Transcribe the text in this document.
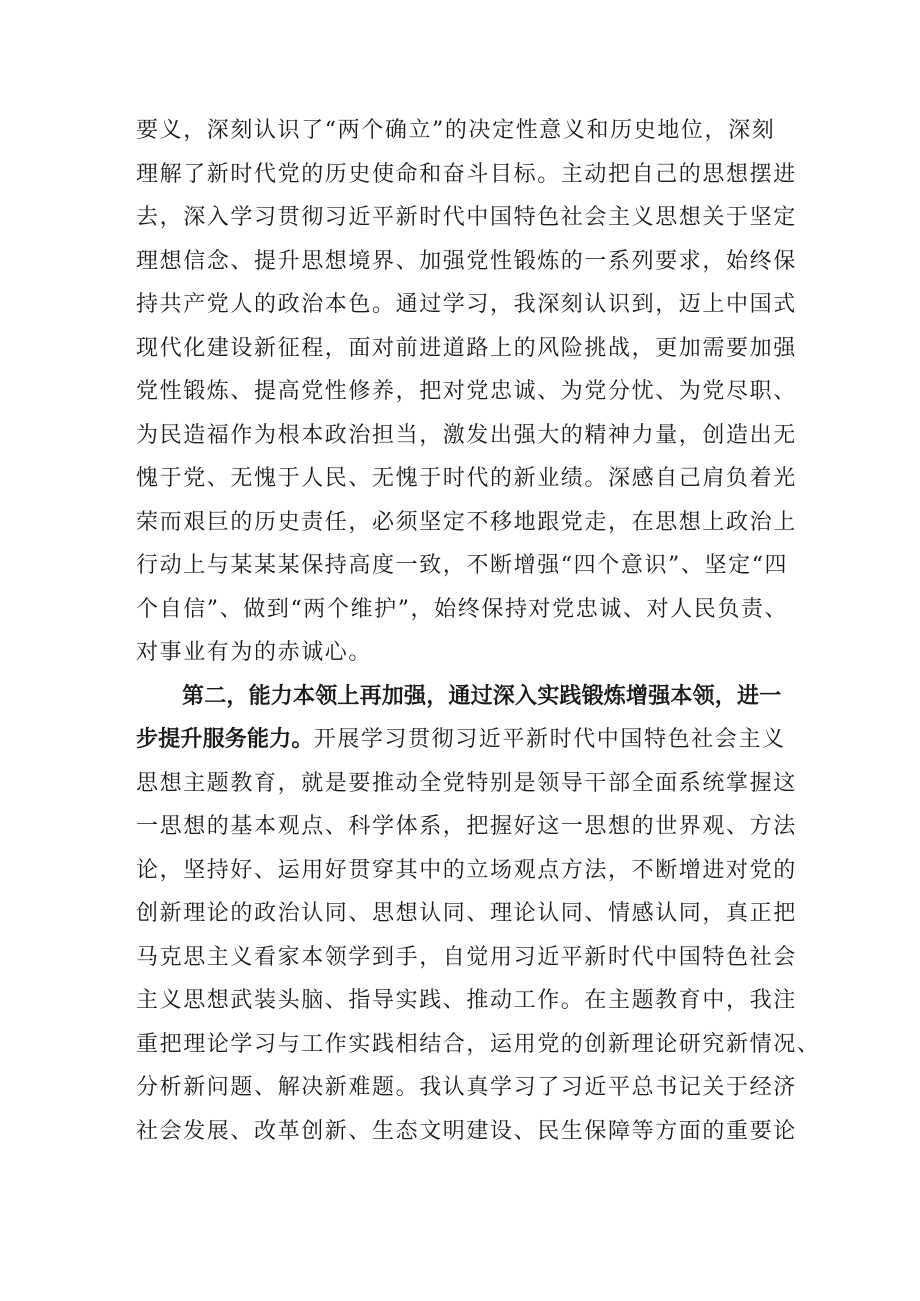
要义，深刻认识了“两个确立”的决定性意义和历史地位，深刻
理解了新时代党的历史使命和奋斗目标。主动把自己的思想摆进
去，深入学习贯彻习近平新时代中国特色社会主义思想关于坚定
理想信念、提升思想境界、加强党性锻炼的一系列要求，始终保
持共产党人的政治本色。通过学习，我深刻认识到，迈上中国式
现代化建设新征程，面对前进道路上的风险挑战，更加需要加强
党性锻炼、提高党性修养，把对党忠诚、为党分忧、为党尽职、
为民造福作为根本政治担当，激发出强大的精神力量，创造出无
愧于党、无愧于人民、无愧于时代的新业绩。深感自己肩负着光
荣而艰巨的历史责任，必须坚定不移地跟党走，在思想上政治上
行动上与某某某保持高度一致，不断增强“四个意识”、坚定“四
个自信”、做到“两个维护”，始终保持对党忠诚、对人民负责、
对事业有为的赤诚心。
第二，能力本领上再加强，通过深入实践锻炼增强本领，进一
步提升服务能力。开展学习贯彻习近平新时代中国特色社会主义
思想主题教育，就是要推动全党特别是领导干部全面系统掌握这
一思想的基本观点、科学体系，把握好这一思想的世界观、方法
论，坚持好、运用好贯穿其中的立场观点方法，不断增进对党的
创新理论的政治认同、思想认同、理论认同、情感认同，真正把
马克思主义看家本领学到手，自觉用习近平新时代中国特色社会
主义思想武装头脑、指导实践、推动工作。在主题教育中，我注
重把理论学习与工作实践相结合，运用党的创新理论研究新情况、
分析新问题、解决新难题。我认真学习了习近平总书记关于经济
社会发展、改革创新、生态文明建设、民生保障等方面的重要论
